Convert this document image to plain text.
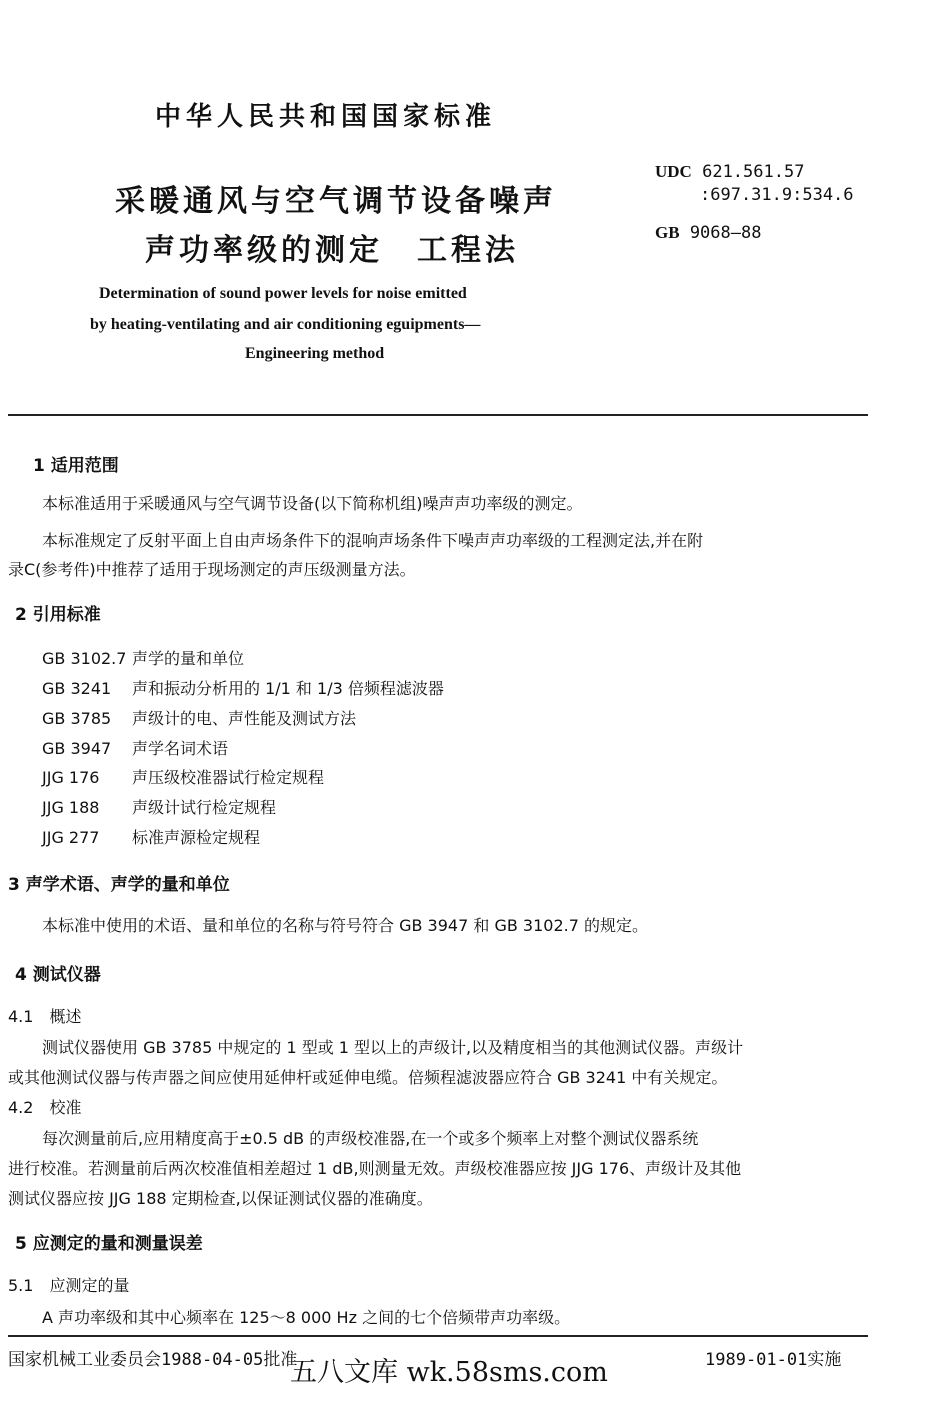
中华人民共和国国家标准
采暖通风与空气调节设备噪声
声功率级的测定　工程法
UDC 621.561.57
:697.31.9:534.6
GB 9068—88
Determination of sound power levels for noise emitted
by heating-ventilating and air conditioning eguipments—
Engineering method
1 适用范围
本标准适用于采暖通风与空气调节设备(以下简称机组)噪声声功率级的测定。
本标准规定了反射平面上自由声场条件下的混响声场条件下噪声声功率级的工程测定法,并在附
录C(参考件)中推荐了适用于现场测定的声压级测量方法。
2 引用标准
GB 3102.7 声学的量和单位
GB 3241 声和振动分析用的 1/1 和 1/3 倍频程滤波器
GB 3785 声级计的电、声性能及测试方法
GB 3947 声学名词术语
JJG 176 声压级校准器试行检定规程
JJG 188 声级计试行检定规程
JJG 277 标准声源检定规程
3 声学术语、声学的量和单位
本标准中使用的术语、量和单位的名称与符号符合 GB 3947 和 GB 3102.7 的规定。
4 测试仪器
4.1　概述
测试仪器使用 GB 3785 中规定的 1 型或 1 型以上的声级计,以及精度相当的其他测试仪器。声级计
或其他测试仪器与传声器之间应使用延伸杆或延伸电缆。倍频程滤波器应符合 GB 3241 中有关规定。
4.2　校准
每次测量前后,应用精度高于±0.5 dB 的声级校准器,在一个或多个频率上对整个测试仪器系统
进行校准。若测量前后两次校准值相差超过 1 dB,则测量无效。声级校准器应按 JJG 176、声级计及其他
测试仪器应按 JJG 188 定期检查,以保证测试仪器的准确度。
5 应测定的量和测量误差
5.1　应测定的量
A 声功率级和其中心频率在 125～8 000 Hz 之间的七个倍频带声功率级。
国家机械工业委员会1988-04-05批准	1989-01-01实施
五八文库 wk.58sms.com
